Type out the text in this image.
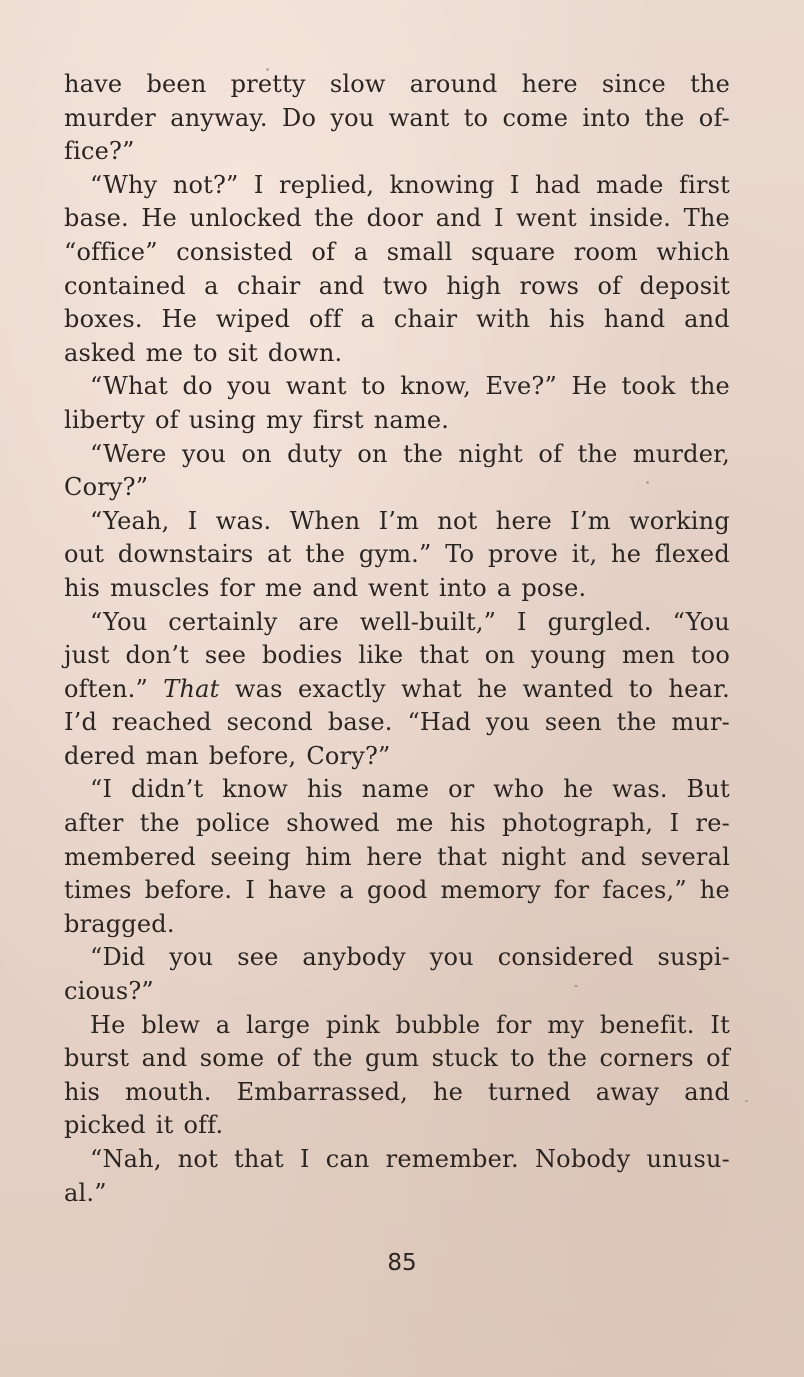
have been pretty slow around here since the
murder anyway. Do you want to come into the of-
fice?”
“Why not?” I replied, knowing I had made first
base. He unlocked the door and I went inside. The
“office” consisted of a small square room which
contained a chair and two high rows of deposit
boxes. He wiped off a chair with his hand and
asked me to sit down.
“What do you want to know, Eve?” He took the
liberty of using my first name.
“Were you on duty on the night of the murder,
Cory?”
“Yeah, I was. When I’m not here I’m working
out downstairs at the gym.” To prove it, he flexed
his muscles for me and went into a pose.
“You certainly are well-built,” I gurgled. “You
just don’t see bodies like that on young men too
often.” That was exactly what he wanted to hear.
I’d reached second base. “Had you seen the mur-
dered man before, Cory?”
“I didn’t know his name or who he was. But
after the police showed me his photograph, I re-
membered seeing him here that night and several
times before. I have a good memory for faces,” he
bragged.
“Did you see anybody you considered suspi-
cious?”
He blew a large pink bubble for my benefit. It
burst and some of the gum stuck to the corners of
his mouth. Embarrassed, he turned away and
picked it off.
“Nah, not that I can remember. Nobody unusu-
al.”
85
